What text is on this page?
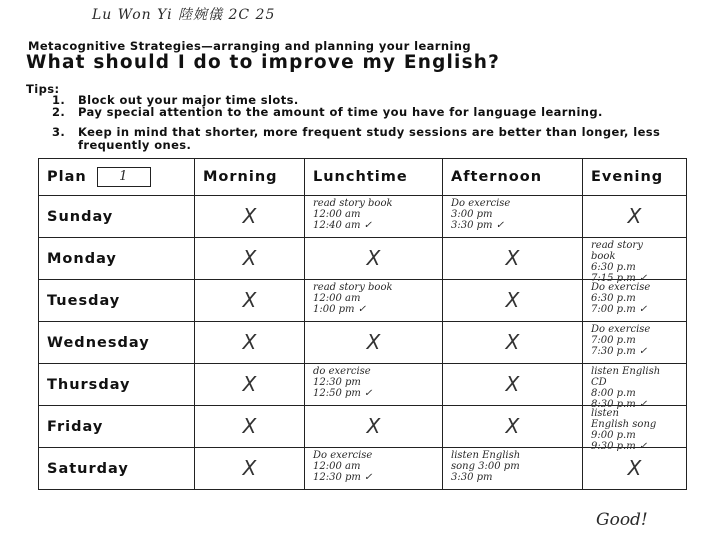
Lu Won Yi 陸婉儀 2C 25
Metacognitive Strategies—arranging and planning your learning
What should I do to improve my English?
Tips:
1. Block out your major time slots.
2. Pay special attention to the amount of time you have for language learning.
3. Keep in mind that shorter, more frequent study sessions are better than longer, less frequently ones.
Plan 1	Morning	Lunchtime	Afternoon	Evening
Sunday	X	read story book
12:00 am
12:40 am ✓	Do exercise
3:00 pm
3:30 pm ✓	X

Monday	X	X	X	read story
book
6:30 p.m
7:15 p.m ✓

Tuesday	X	read story book
12:00 am
1:00 pm ✓	X	Do exercise
6:30 p.m
7:00 p.m ✓

Wednesday	X	X	X	Do exercise
7:00 p.m
7:30 p.m ✓

Thursday	X	do exercise
12:30 pm
12:50 pm ✓	X	listen English
CD
8:00 p.m
8:30 p.m ✓

Friday	X	X	X	listen
English song
9:00 p.m
9:30 p.m ✓

Saturday	X	Do exercise
12:00 am
12:30 pm ✓	listen English
song 3:00 pm
3:30 pm	X
Good!
